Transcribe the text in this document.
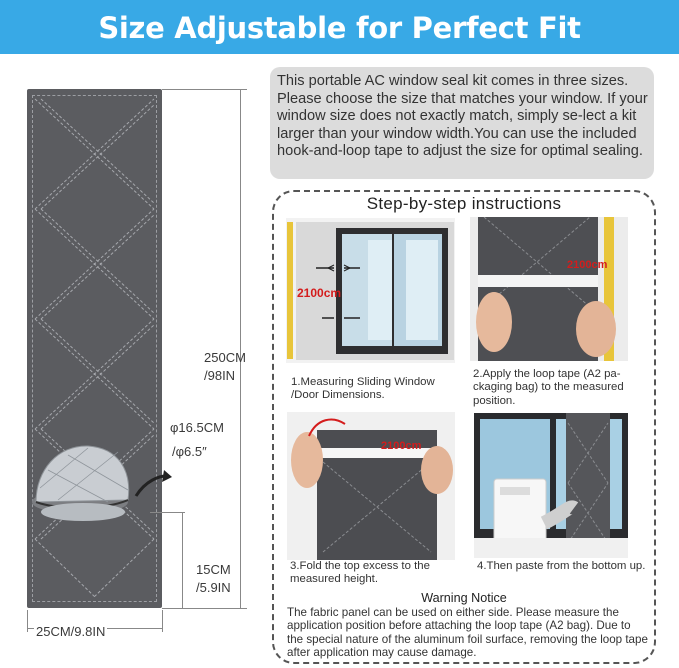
Size Adjustable for Perfect Fit
250CM
/98IN
φ16.5CM
/φ6.5″
15CM
/5.9IN
25CM/9.8IN
This portable AC window seal kit comes in three sizes. Please choose the size that matches your window. If your window size does not exactly match, simply se-lect a kit larger than your window width.You can use the included hook-and-loop tape to adjust the size for optimal sealing.
Step-by-step instructions
2100cm
1.Measuring Sliding Window /Door Dimensions.
2100cm
2.Apply the loop tape (A2 pa-ckaging bag) to the measured position.
2100cm
3.Fold the top excess to the measured height.
4.Then paste from the bottom up.
Warning Notice
The fabric panel can be used on either side. Please measure the application position before attaching the loop tape (A2 bag). Due to the special nature of the aluminum foil surface, removing the loop tape after application may cause damage.
